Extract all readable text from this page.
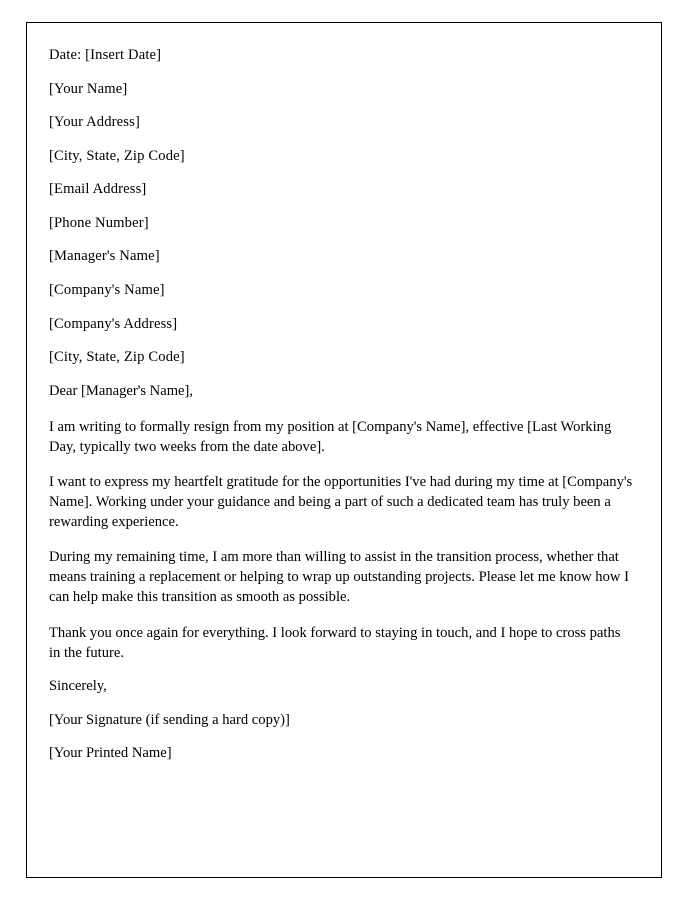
Date: [Insert Date]

[Your Name]

[Your Address]

[City, State, Zip Code]

[Email Address]

[Phone Number]

[Manager's Name]

[Company's Name]

[Company's Address]

[City, State, Zip Code]

Dear [Manager's Name],

I am writing to formally resign from my position at [Company's Name], effective [Last Working Day, typically two weeks from the date above].

I want to express my heartfelt gratitude for the opportunities I've had during my time at [Company's Name]. Working under your guidance and being a part of such a dedicated team has truly been a rewarding experience.

During my remaining time, I am more than willing to assist in the transition process, whether that means training a replacement or helping to wrap up outstanding projects. Please let me know how I can help make this transition as smooth as possible.

Thank you once again for everything. I look forward to staying in touch, and I hope to cross paths in the future.

Sincerely,

[Your Signature (if sending a hard copy)]

[Your Printed Name]
